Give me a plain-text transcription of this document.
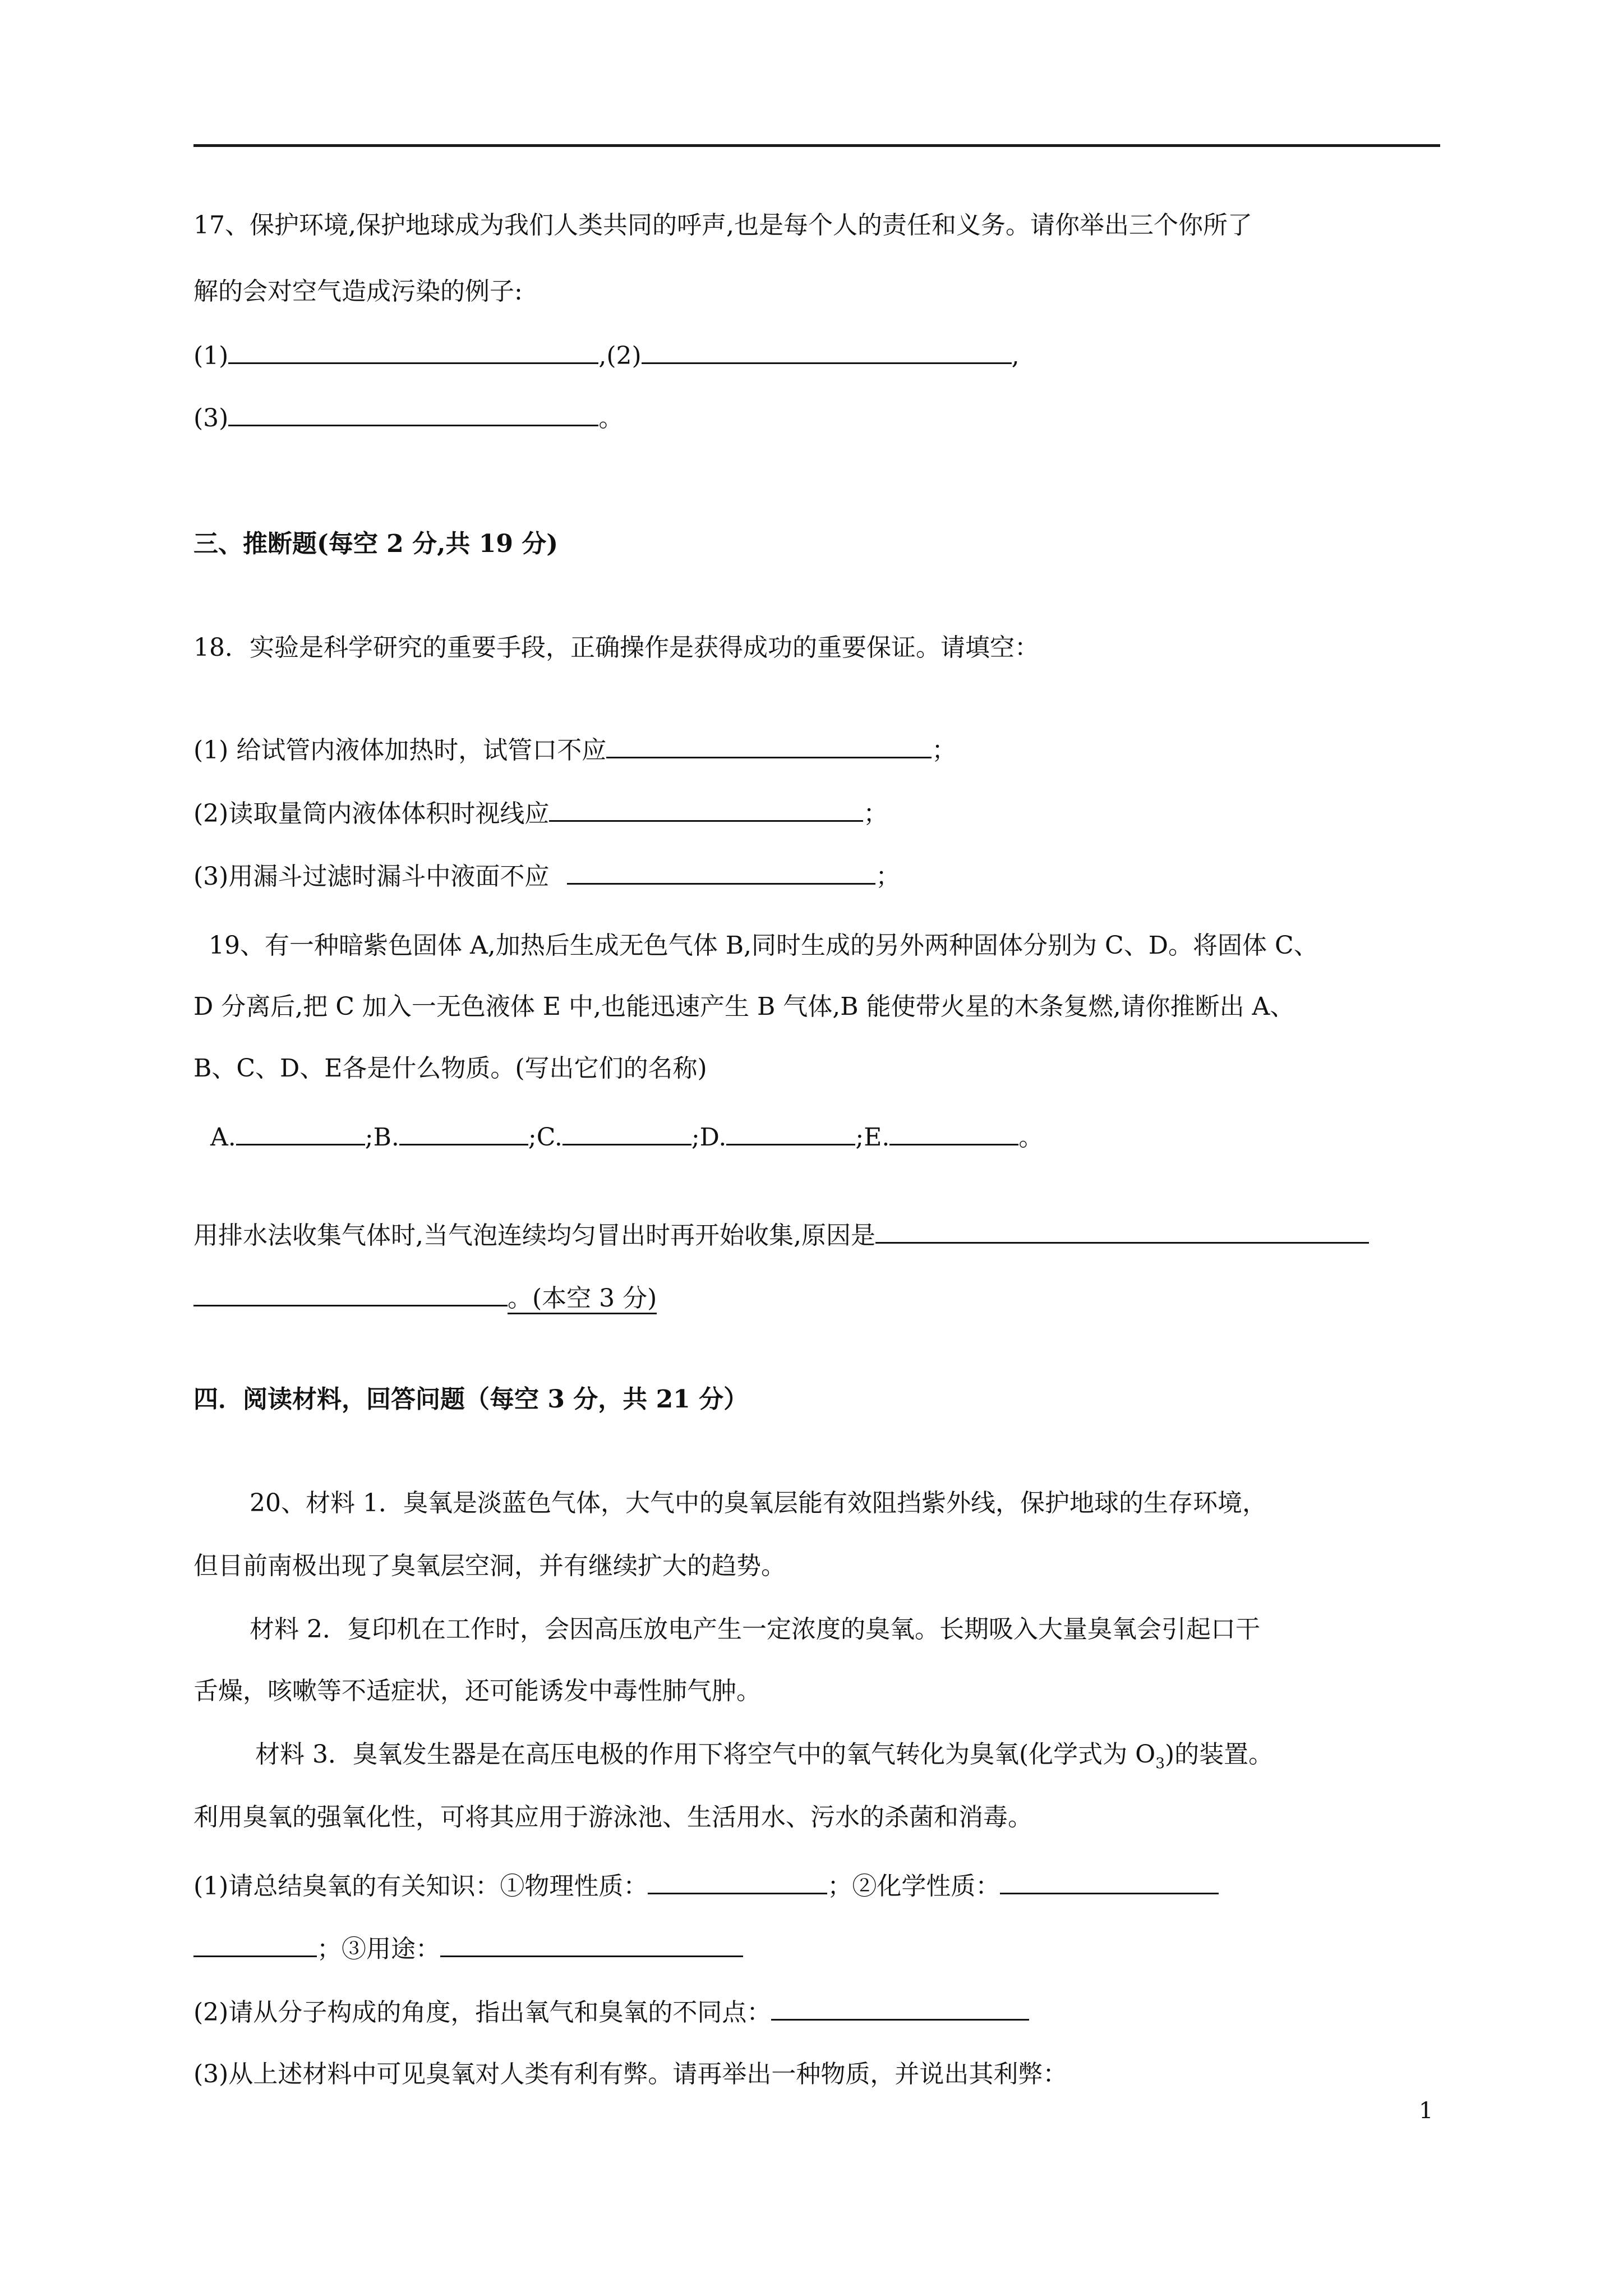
17、保护环境,保护地球成为我们人类共同的呼声,也是每个人的责任和义务。请你举出三个你所了
解的会对空气造成污染的例子:
(1)	,(2)	,
(3)	。
三、推断题(每空 2 分,共 19 分)
18．实验是科学研究的重要手段，正确操作是获得成功的重要保证。请填空：
(1) 给试管内液体加热时，试管口不应	；
(2)读取量筒内液体体积时视线应	；
(3)用漏斗过滤时漏斗中液面不应	；
19、有一种暗紫色固体 A,加热后生成无色气体 B,同时生成的另外两种固体分别为 C、D。将固体 C、
D 分离后,把 C 加入一无色液体 E 中,也能迅速产生 B 气体,B 能使带火星的木条复燃,请你推断出 A、
B、C、D、E各是什么物质。(写出它们的名称)
A.	;B.	;C.	;D.	;E.	。
用排水法收集气体时,当气泡连续均匀冒出时再开始收集,原因是
。(本空 3 分)
四．阅读材料，回答问题（每空 3 分，共 21 分）
20、材料 1．臭氧是淡蓝色气体，大气中的臭氧层能有效阻挡紫外线，保护地球的生存环境，
但目前南极出现了臭氧层空洞，并有继续扩大的趋势。
材料 2．复印机在工作时，会因高压放电产生一定浓度的臭氧。长期吸入大量臭氧会引起口干
舌燥，咳嗽等不适症状，还可能诱发中毒性肺气肿。
材料 3．臭氧发生器是在高压电极的作用下将空气中的氧气转化为臭氧(化学式为 $O_3$)的装置。
利用臭氧的强氧化性，可将其应用于游泳池、生活用水、污水的杀菌和消毒。
(1)请总结臭氧的有关知识：①物理性质：	；②化学性质：
；③用途：
(2)请从分子构成的角度，指出氧气和臭氧的不同点：
(3)从上述材料中可见臭氧对人类有利有弊。请再举出一种物质，并说出其利弊：
1
